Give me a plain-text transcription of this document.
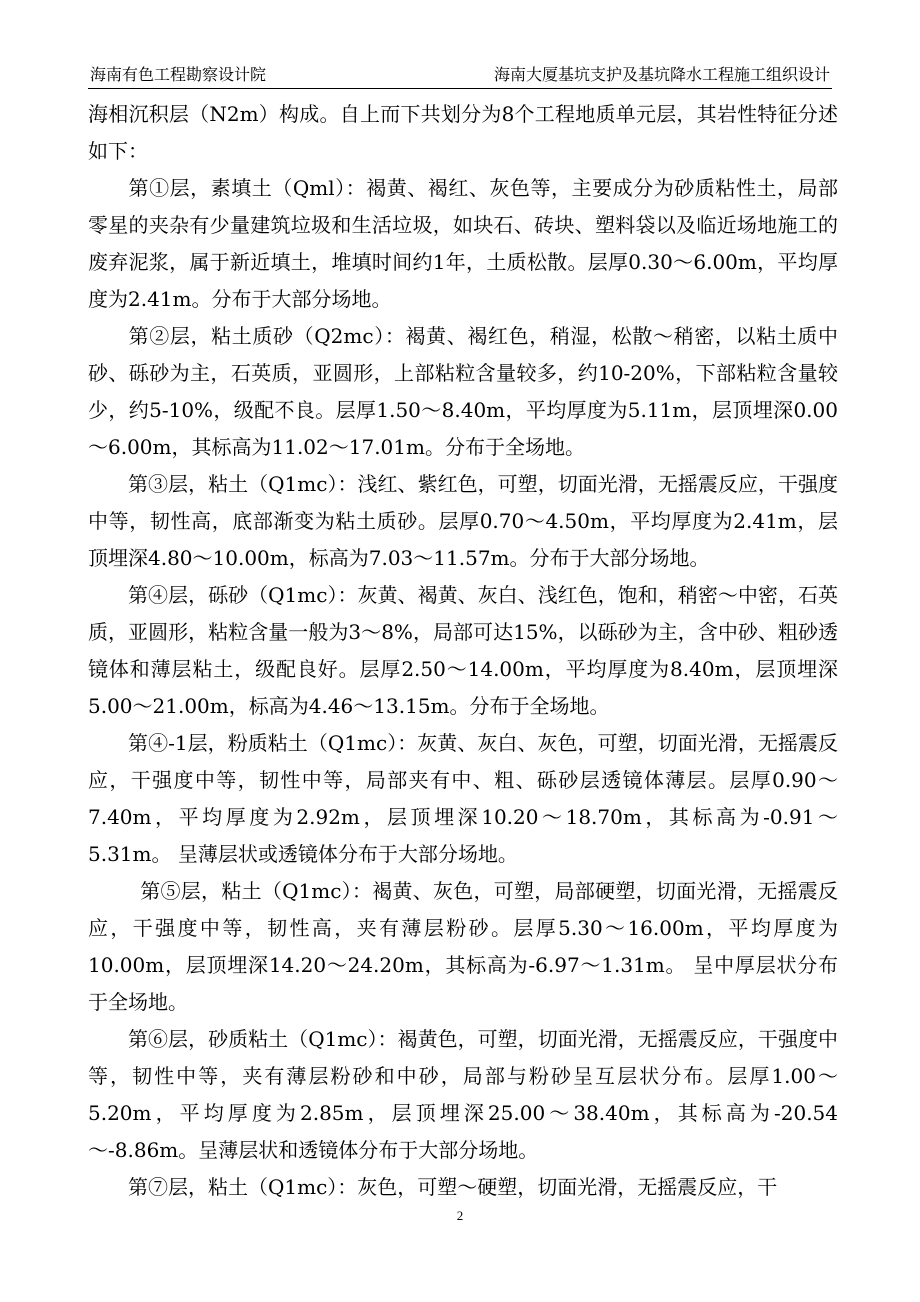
海南有色工程勘察设计院	海南大厦基坑支护及基坑降水工程施工组织设计

海相沉积层（N2m）构成。自上而下共划分为8个工程地质单元层，其岩性特征分述如下：

第①层，素填土（Qml）：褐黄、褐红、灰色等，主要成分为砂质粘性土，局部零星的夹杂有少量建筑垃圾和生活垃圾，如块石、砖块、塑料袋以及临近场地施工的废弃泥浆，属于新近填土，堆填时间约1年，土质松散。层厚0.30～6.00m，平均厚度为2.41m。分布于大部分场地。

第②层，粘土质砂（Q2mc）：褐黄、褐红色，稍湿，松散～稍密，以粘土质中砂、砾砂为主，石英质，亚圆形，上部粘粒含量较多，约10-20%，下部粘粒含量较少，约5-10%，级配不良。层厚1.50～8.40m，平均厚度为5.11m，层顶埋深0.00～6.00m，其标高为11.02～17.01m。分布于全场地。

第③层，粘土（Q1mc）：浅红、紫红色，可塑，切面光滑，无摇震反应，干强度中等，韧性高，底部渐变为粘土质砂。层厚0.70～4.50m，平均厚度为2.41m，层顶埋深4.80～10.00m，标高为7.03～11.57m。分布于大部分场地。

第④层，砾砂（Q1mc）：灰黄、褐黄、灰白、浅红色，饱和，稍密～中密，石英质，亚圆形，粘粒含量一般为3～8%，局部可达15%，以砾砂为主，含中砂、粗砂透镜体和薄层粘土，级配良好。层厚2.50～14.00m，平均厚度为8.40m，层顶埋深5.00～21.00m，标高为4.46～13.15m。分布于全场地。

第④-1层，粉质粘土（Q1mc）：灰黄、灰白、灰色，可塑，切面光滑，无摇震反应，干强度中等，韧性中等，局部夹有中、粗、砾砂层透镜体薄层。层厚0.90～7.40m，平均厚度为2.92m，层顶埋深10.20～18.70m，其标高为-0.91～5.31m。 呈薄层状或透镜体分布于大部分场地。

第⑤层，粘土（Q1mc）：褐黄、灰色，可塑，局部硬塑，切面光滑，无摇震反应，干强度中等，韧性高，夹有薄层粉砂。层厚5.30～16.00m，平均厚度为10.00m，层顶埋深14.20～24.20m，其标高为-6.97～1.31m。 呈中厚层状分布于全场地。

第⑥层，砂质粘土（Q1mc）：褐黄色，可塑，切面光滑，无摇震反应，干强度中等，韧性中等，夹有薄层粉砂和中砂，局部与粉砂呈互层状分布。层厚1.00～5.20m，平均厚度为2.85m，层顶埋深25.00～38.40m，其标高为-20.54～-8.86m。呈薄层状和透镜体分布于大部分场地。

第⑦层，粘土（Q1mc）：灰色，可塑～硬塑，切面光滑，无摇震反应，干

2
